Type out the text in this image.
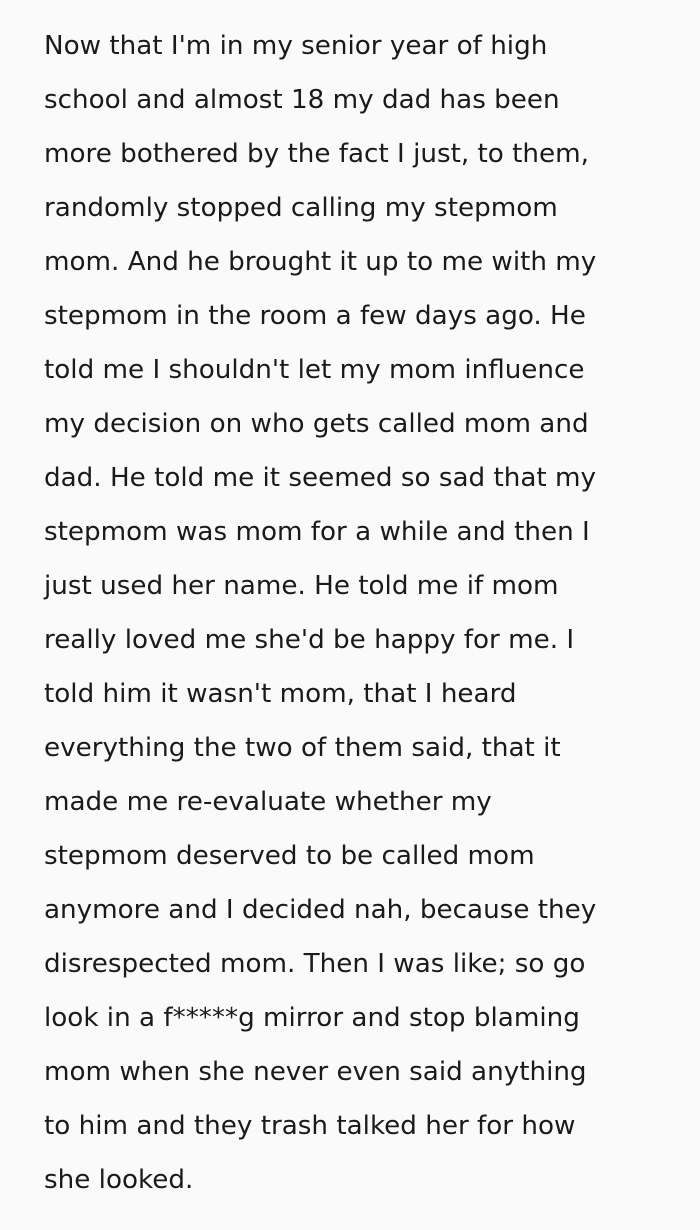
Now that I'm in my senior year of high
school and almost 18 my dad has been
more bothered by the fact I just, to them,
randomly stopped calling my stepmom
mom. And he brought it up to me with my
stepmom in the room a few days ago. He
told me I shouldn't let my mom influence
my decision on who gets called mom and
dad. He told me it seemed so sad that my
stepmom was mom for a while and then I
just used her name. He told me if mom
really loved me she'd be happy for me. I
told him it wasn't mom, that I heard
everything the two of them said, that it
made me re-evaluate whether my
stepmom deserved to be called mom
anymore and I decided nah, because they
disrespected mom. Then I was like; so go
look in a f*****g mirror and stop blaming
mom when she never even said anything
to him and they trash talked her for how
she looked.
